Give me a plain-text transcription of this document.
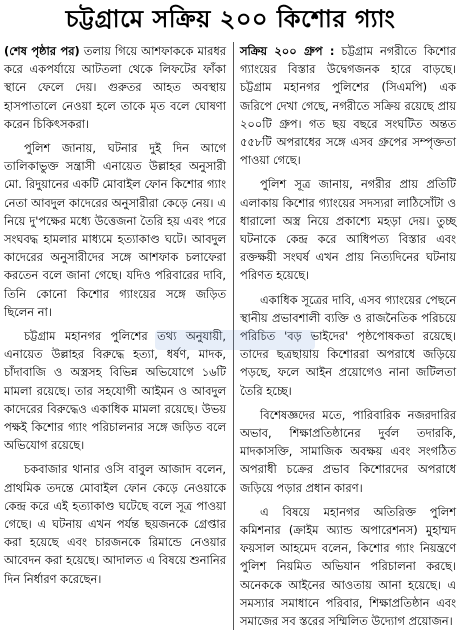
চট্টগ্রামে সক্রিয় ২০০ কিশোর গ্যাং

(শেষ পৃষ্ঠার পর) তলায় গিয়ে আশফাককে মারধর করে একপর্যায়ে আটতলা থেকে লিফটের ফাঁকা স্থানে ফেলে দেয়। গুরুতর আহত অবস্থায় হাসপাতালে নেওয়া হলে তাকে মৃত বলে ঘোষণা করেন চিকিৎসকরা।

পুলিশ জানায়, ঘটনার দুই দিন আগে তালিকাভুক্ত সন্ত্রাসী এনায়েত উল্লাহর অনুসারী মো. রিদুয়ানের একটি মোবাইল ফোন কিশোর গ্যাং নেতা আবদুল কাদেরের অনুসারীরা কেড়ে নেয়। এ নিয়ে দু'পক্ষের মধ্যে উত্তেজনা তৈরি হয় এবং পরে সংঘবদ্ধ হামলার মাধ্যমে হত্যাকাণ্ড ঘটে। আবদুল কাদেরের অনুসারীদের সঙ্গে আশফাক চলাফেরা করতেন বলে জানা গেছে। যদিও পরিবারের দাবি, তিনি কোনো কিশোর গ্যাংয়ের সঙ্গে জড়িত ছিলেন না।

চট্টগ্রাম মহানগর পুলিশের তথ্য অনুযায়ী, এনায়েত উল্লাহর বিরুদ্ধে হত্যা, ধর্ষণ, মাদক, চাঁদাবাজি ও অস্ত্রসহ বিভিন্ন অভিযোগে ১৬টি মামলা রয়েছে। তার সহযোগী আইমন ও আবদুল কাদেরের বিরুদ্ধেও একাধিক মামলা রয়েছে। উভয় পক্ষই কিশোর গ্যাং পরিচালনার সঙ্গে জড়িত বলে অভিযোগ রয়েছে।

চকবাজার থানার ওসি বাবুল আজাদ বলেন, প্রাথমিক তদন্তে মোবাইল ফোন কেড়ে নেওয়াকে কেন্দ্র করে এই হত্যাকাণ্ড ঘটেছে বলে সূত্র পাওয়া গেছে। এ ঘটনায় এখন পর্যন্ত ছয়জনকে গ্রেপ্তার করা হয়েছে এবং চারজনকে রিমান্ডে নেওয়ার আবেদন করা হয়েছে। আদালত এ বিষয়ে শুনানির দিন নির্ধারণ করেছেন।

সক্রিয় ২০০ গ্রুপ : চট্টগ্রাম নগরীতে কিশোর গ্যাংয়ের বিস্তার উদ্বেগজনক হারে বাড়ছে। চট্টগ্রাম মহানগর পুলিশের (সিএমপি) এক জরিপে দেখা গেছে, নগরীতে সক্রিয় রয়েছে প্রায় ২০০টি গ্রুপ। গত ছয় বছরে সংঘটিত অন্তত ৫৫৮টি অপরাধের সঙ্গে এসব গ্রুপের সম্পৃক্ততা পাওয়া গেছে।

পুলিশ সূত্র জানায়, নগরীর প্রায় প্রতিটি এলাকায় কিশোর গ্যাংয়ের সদস্যরা লাঠিসোঁটা ও ধারালো অস্ত্র নিয়ে প্রকাশ্যে মহড়া দেয়। তুচ্ছ ঘটনাকে কেন্দ্র করে আধিপত্য বিস্তার এবং রক্তক্ষয়ী সংঘর্ষ এখন প্রায় নিত্যদিনের ঘটনায় পরিণত হয়েছে।

একাধিক সূত্রের দাবি, এসব গ্যাংয়ের পেছনে স্থানীয় প্রভাবশালী ব্যক্তি ও রাজনৈতিক পরিচয়ে পরিচিত 'বড় ভাইদের' পৃষ্ঠপোষকতা রয়েছে। তাদের ছত্রছায়ায় কিশোররা অপরাধে জড়িয়ে পড়ছে, ফলে আইন প্রয়োগেও নানা জটিলতা তৈরি হচ্ছে।

বিশেষজ্ঞদের মতে, পারিবারিক নজরদারির অভাব, শিক্ষাপ্রতিষ্ঠানের দুর্বল তদারকি, মাদকাসক্তি, সামাজিক অবক্ষয় এবং সংগঠিত অপরাধী চক্রের প্রভাব কিশোরদের অপরাধে জড়িয়ে পড়ার প্রধান কারণ।

এ বিষয়ে মহানগর অতিরিক্ত পুলিশ কমিশনার (ক্রাইম অ্যান্ড অপারেশনস) মুহাম্মদ ফয়সাল আহমেদ বলেন, কিশোর গ্যাং নিয়ন্ত্রণে পুলিশ নিয়মিত অভিযান পরিচালনা করছে। অনেককে আইনের আওতায় আনা হয়েছে। এ সমস্যার সমাধানে পরিবার, শিক্ষাপ্রতিষ্ঠান এবং সমাজের সব স্তরের সম্মিলিত উদ্যোগ প্রয়োজন।
